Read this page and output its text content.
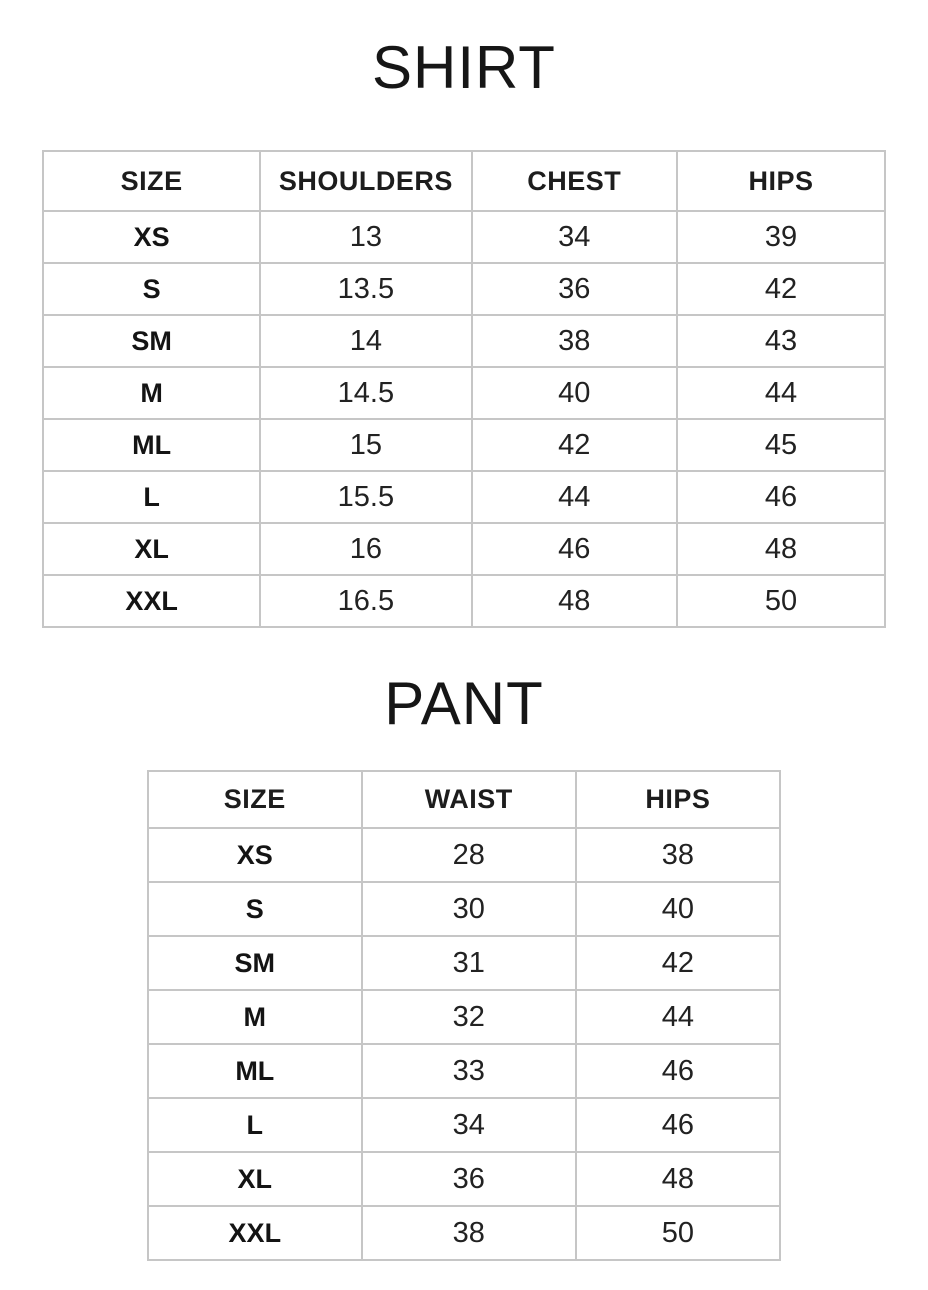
SHIRT
SIZE	SHOULDERS	CHEST	HIPS
XS	13	34	39
S	13.5	36	42
SM	14	38	43
M	14.5	40	44
ML	15	42	45
L	15.5	44	46
XL	16	46	48
XXL	16.5	48	50
PANT
SIZE	WAIST	HIPS
XS	28	38
S	30	40
SM	31	42
M	32	44
ML	33	46
L	34	46
XL	36	48
XXL	38	50
